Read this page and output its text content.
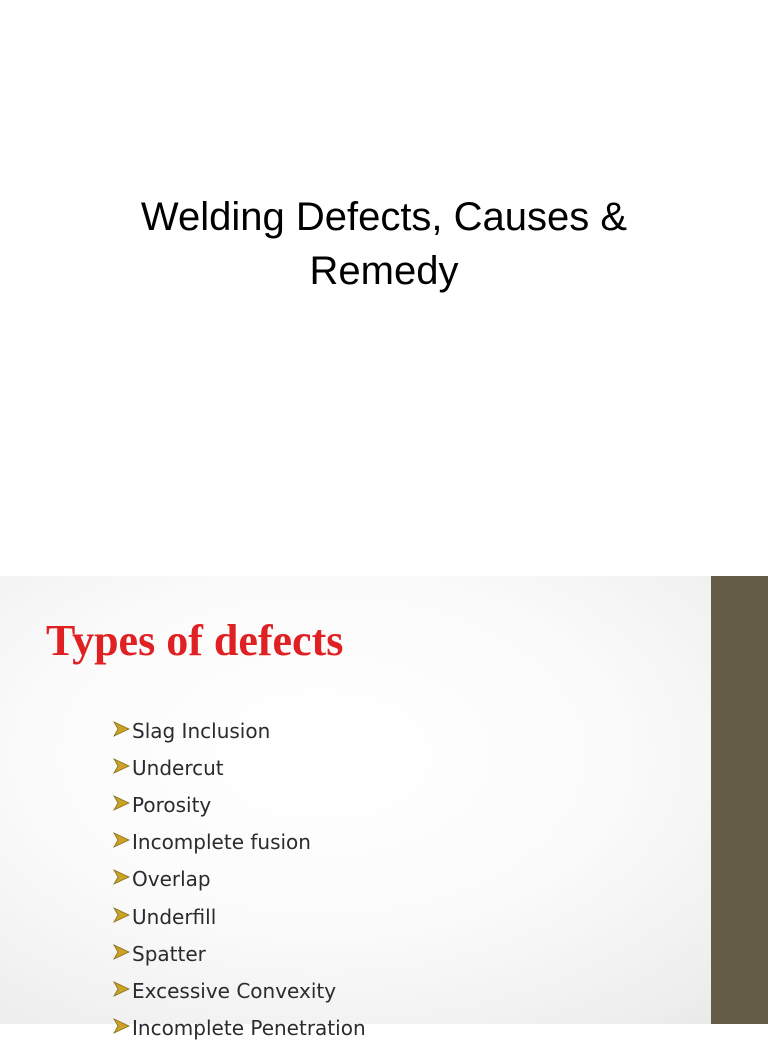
Welding Defects, Causes &
Remedy
Types of defects
Slag Inclusion
Undercut
Porosity
Incomplete fusion
Overlap
Underfill
Spatter
Excessive Convexity
Incomplete Penetration
